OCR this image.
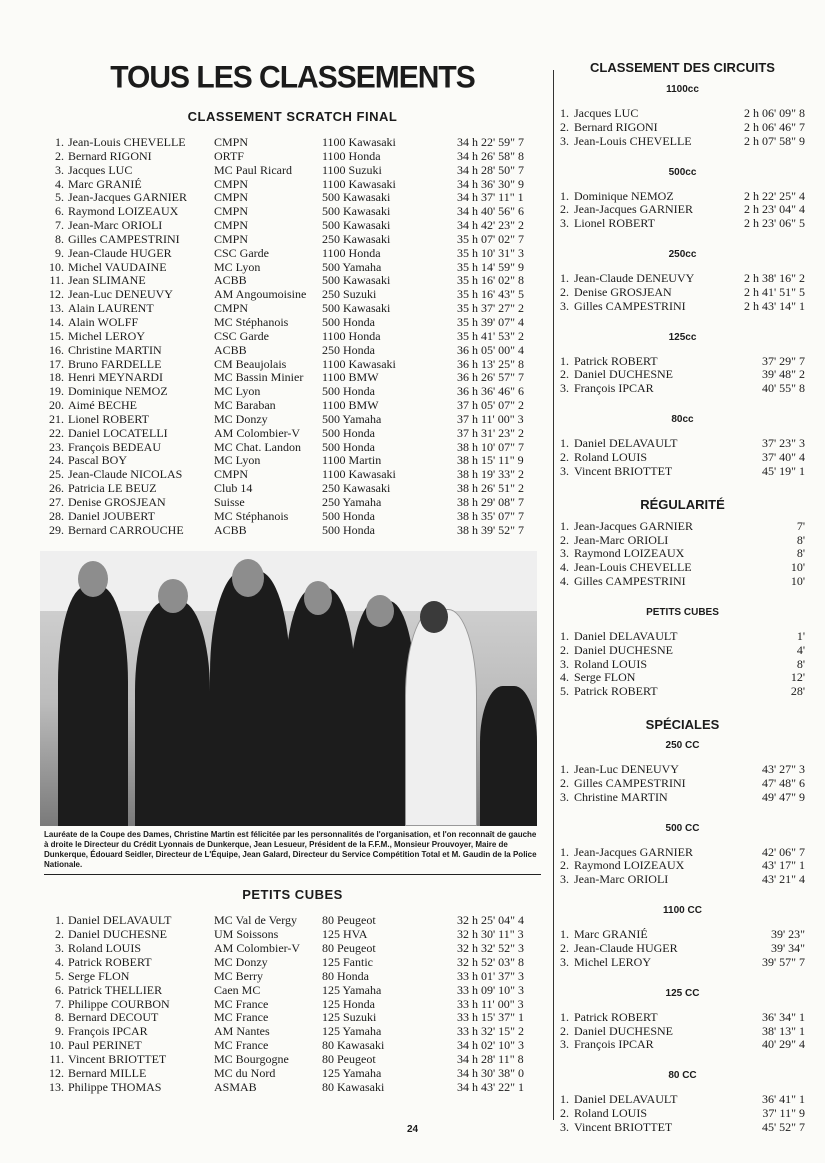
TOUS LES CLASSEMENTS
CLASSEMENT SCRATCH FINAL
1.	Jean-Louis CHEVELLE	CMPN	1100 Kawasaki	34 h 22' 59" 7
2.	Bernard RIGONI	ORTF	1100 Honda	34 h 26' 58" 8
3.	Jacques LUC	MC Paul Ricard	1100 Suzuki	34 h 28' 50" 7
4.	Marc GRANIÉ	CMPN	1100 Kawasaki	34 h 36' 30" 9
5.	Jean-Jacques GARNIER	CMPN	500 Kawasaki	34 h 37' 11" 1
6.	Raymond LOIZEAUX	CMPN	500 Kawasaki	34 h 40' 56" 6
7.	Jean-Marc ORIOLI	CMPN	500 Kawasaki	34 h 42' 23" 2
8.	Gilles CAMPESTRINI	CMPN	250 Kawasaki	35 h 07' 02" 7
9.	Jean-Claude HUGER	CSC Garde	1100 Honda	35 h 10' 31" 3
10.	Michel VAUDAINE	MC Lyon	500 Yamaha	35 h 14' 59" 9
11.	Jean SLIMANE	ACBB	500 Kawasaki	35 h 16' 02" 8
12.	Jean-Luc DENEUVY	AM Angoumoisine	250 Suzuki	35 h 16' 43" 5
13.	Alain LAURENT	CMPN	500 Kawasaki	35 h 37' 27" 2
14.	Alain WOLFF	MC Stéphanois	500 Honda	35 h 39' 07" 4
15.	Michel LEROY	CSC Garde	1100 Honda	35 h 41' 53" 2
16.	Christine MARTIN	ACBB	250 Honda	36 h 05' 00" 4
17.	Bruno FARDELLE	CM Beaujolais	1100 Kawasaki	36 h 13' 25" 8
18.	Henri MEYNARDI	MC Bassin Minier	1100 BMW	36 h 26' 57" 7
19.	Dominique NEMOZ	MC Lyon	500 Honda	36 h 36' 46" 6
20.	Aimé BECHE	MC Baraban	1100 BMW	37 h 05' 07" 2
21.	Lionel ROBERT	MC Donzy	500 Yamaha	37 h 11' 00" 3
22.	Daniel LOCATELLI	AM Colombier-V	500 Honda	37 h 31' 23" 2
23.	François BEDEAU	MC Chat. Landon	500 Honda	38 h 10' 07" 7
24.	Pascal BOY	MC Lyon	1100 Martin	38 h 15' 11" 9
25.	Jean-Claude NICOLAS	CMPN	1100 Kawasaki	38 h 19' 33" 2
26.	Patricia LE BEUZ	Club 14	250 Kawasaki	38 h 26' 51" 2
27.	Denise GROSJEAN	Suisse	250 Yamaha	38 h 29' 08" 7
28.	Daniel JOUBERT	MC Stéphanois	500 Honda	38 h 35' 07" 7
29.	Bernard CARROUCHE	ACBB	500 Honda	38 h 39' 52" 7
Lauréate de la Coupe des Dames, Christine Martin est félicitée par les personnalités de l'organisation, et l'on reconnaît de gauche à droite le Directeur du Crédit Lyonnais de Dunkerque, Jean Lesueur, Président de la F.F.M., Monsieur Prouvoyer, Maire de Dunkerque, Édouard Seidler, Directeur de L'Équipe, Jean Galard, Directeur du Service Compétition Total et M. Gaudin de la Police Nationale.
PETITS CUBES
1.	Daniel DELAVAULT	MC Val de Vergy	80 Peugeot	32 h 25' 04" 4
2.	Daniel DUCHESNE	UM Soissons	125 HVA	32 h 30' 11" 3
3.	Roland LOUIS	AM Colombier-V	80 Peugeot	32 h 32' 52" 3
4.	Patrick ROBERT	MC Donzy	125 Fantic	32 h 52' 03" 8
5.	Serge FLON	MC Berry	80 Honda	33 h 01' 37" 3
6.	Patrick THELLIER	Caen MC	125 Yamaha	33 h 09' 10" 3
7.	Philippe COURBON	MC France	125 Honda	33 h 11' 00" 3
8.	Bernard DECOUT	MC France	125 Suzuki	33 h 15' 37" 1
9.	François IPCAR	AM Nantes	125 Yamaha	33 h 32' 15" 2
10.	Paul PERINET	MC France	80 Kawasaki	34 h 02' 10" 3
11.	Vincent BRIOTTET	MC Bourgogne	80 Peugeot	34 h 28' 11" 8
12.	Bernard MILLE	MC du Nord	125 Yamaha	34 h 30' 38" 0
13.	Philippe THOMAS	ASMAB	80 Kawasaki	34 h 43' 22" 1
CLASSEMENT DES CIRCUITS
1100cc
1.	Jacques LUC	2 h 06' 09" 8
2.	Bernard RIGONI	2 h 06' 46" 7
3.	Jean-Louis CHEVELLE	2 h 07' 58" 9
500cc
1.	Dominique NEMOZ	2 h 22' 25" 4
2.	Jean-Jacques GARNIER	2 h 23' 04" 4
3.	Lionel ROBERT	2 h 23' 06" 5
250cc
1.	Jean-Claude DENEUVY	2 h 38' 16" 2
2.	Denise GROSJEAN	2 h 41' 51" 5
3.	Gilles CAMPESTRINI	2 h 43' 14" 1
125cc
1.	Patrick ROBERT	37' 29" 7
2.	Daniel DUCHESNE	39' 48" 2
3.	François IPCAR	40' 55" 8
80cc
1.	Daniel DELAVAULT	37' 23" 3
2.	Roland LOUIS	37' 40" 4
3.	Vincent BRIOTTET	45' 19" 1
RÉGULARITÉ
1.	Jean-Jacques GARNIER	7'
2.	Jean-Marc ORIOLI	8'
3.	Raymond LOIZEAUX	8'
4.	Jean-Louis CHEVELLE	10'
4.	Gilles CAMPESTRINI	10'
PETITS CUBES
1.	Daniel DELAVAULT	1'
2.	Daniel DUCHESNE	4'
3.	Roland LOUIS	8'
4.	Serge FLON	12'
5.	Patrick ROBERT	28'
SPÉCIALES
250 CC
1.	Jean-Luc DENEUVY	43' 27" 3
2.	Gilles CAMPESTRINI	47' 48" 6
3.	Christine MARTIN	49' 47" 9
500 CC
1.	Jean-Jacques GARNIER	42' 06" 7
2.	Raymond LOIZEAUX	43' 17" 1
3.	Jean-Marc ORIOLI	43' 21" 4
1100 CC
1.	Marc GRANIÉ	39' 23"
2.	Jean-Claude HUGER	39' 34"
3.	Michel LEROY	39' 57" 7
125 CC
1.	Patrick ROBERT	36' 34" 1
2.	Daniel DUCHESNE	38' 13" 1
3.	François IPCAR	40' 29" 4
80 CC
1.	Daniel DELAVAULT	36' 41" 1
2.	Roland LOUIS	37' 11" 9
3.	Vincent BRIOTTET	45' 52" 7
24
